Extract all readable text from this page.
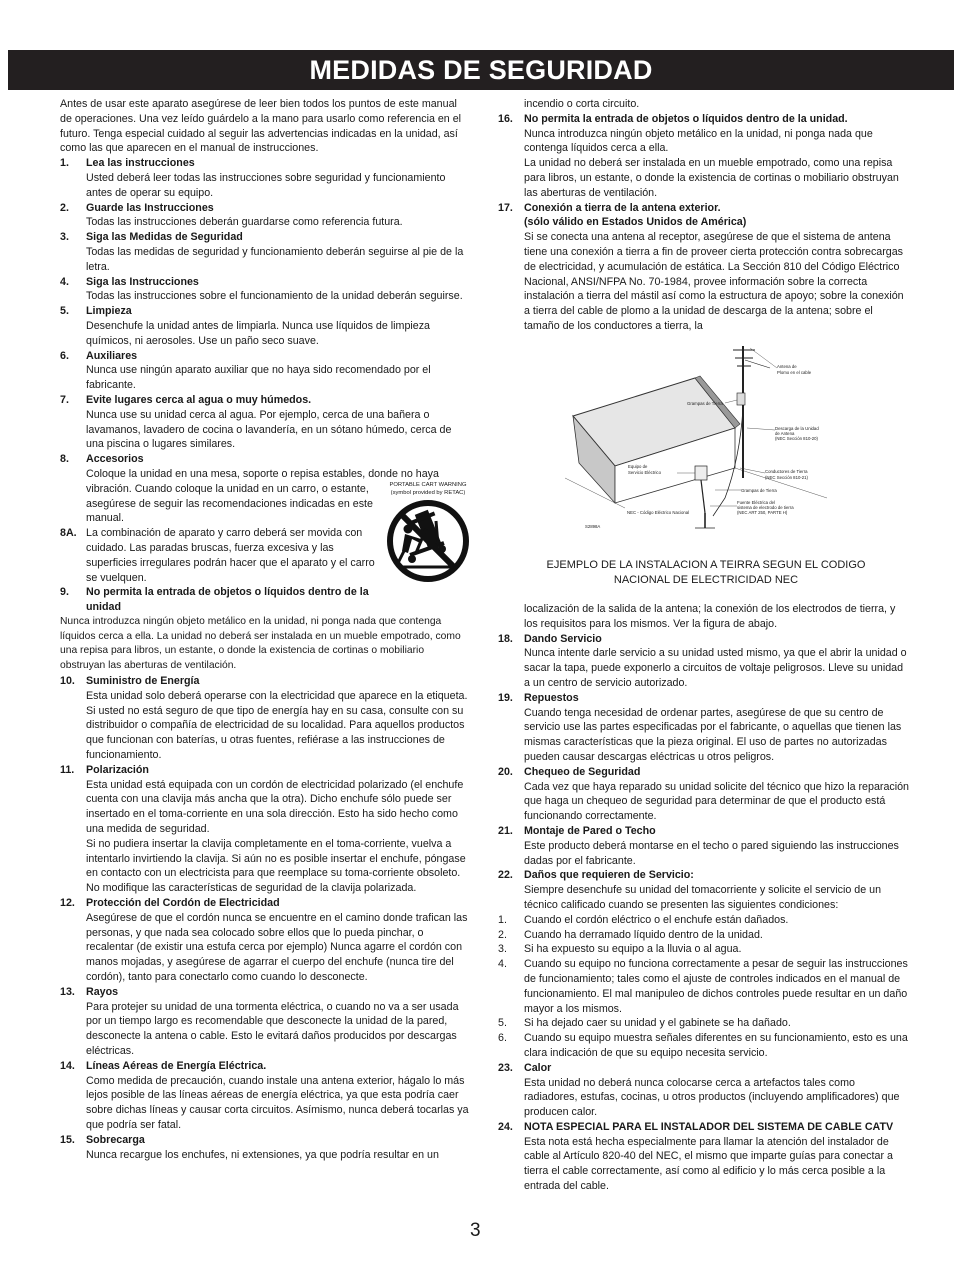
MEDIDAS DE SEGURIDAD

Antes de usar este aparato asegúrese de leer bien todos los puntos de este manual de operaciones. Una vez leído guárdelo a la mano para usarlo como referencia en el futuro. Tenga especial cuidado al seguir las advertencias indicadas en la unidad, así como las que aparecen en el manual de instrucciones.

1.	Lea las instrucciones
Usted deberá leer todas las instrucciones sobre seguridad y funcionamiento antes de operar su equipo.
2.	Guarde las Instrucciones
Todas las instrucciones deberán guardarse como referencia futura.
3.	Siga las Medidas de Seguridad
Todas las medidas de seguridad y funcionamiento deberán seguirse al pie de la letra.
4.	Siga las Instrucciones
Todas las instrucciones sobre el funcionamiento de la unidad deberán seguirse.
5.	Limpieza
Desenchufe la unidad antes de limpiarla. Nunca use líquidos de limpieza químicos, ni aerosoles. Use un paño seco suave.
6.	Auxiliares
Nunca use ningún aparato auxiliar que no haya sido recomendado por el fabricante.
7.	Evite lugares cerca al agua o muy húmedos.
Nunca use su unidad cerca al agua. Por ejemplo, cerca de una bañera o lavamanos, lavadero de cocina o lavandería, en un sótano húmedo, cerca de una piscina o lugares similares.
8.	Accesorios
Coloque la unidad en una mesa, soporte o repisa estables, donde no haya
vibración. Cuando coloque la unidad en un carro, o estante, asegúrese de seguir las recomendaciones indicadas en este manual.
8A. La combinación de aparato y carro deberá ser movida con cuidado. Las paradas bruscas, fuerza excesiva y las superficies irregulares podrán hacer que el aparato y el carro se vuelquen.
PORTABLE CART WARNING
(symbol provided by RETAC)
9.	No permita la entrada de objetos o líquidos dentro de la unidad

Nunca introduzca ningún objeto metálico en la unidad, ni ponga nada que contenga líquidos cerca a ella. La unidad no deberá ser instalada en un mueble empotrado, como una repisa para libros, un estante, o donde la existencia de cortinas o mobiliario obstruyan las aberturas de ventilación.

10.	Suministro de Energía
Esta unidad solo deberá operarse con la electricidad que aparece en la etiqueta. Si usted no está seguro de que tipo de energía hay en su casa, consulte con su distribuidor o compañía de electricidad de su localidad. Para aquellos productos que funcionan con baterías, u otras fuentes, refiérase a las instrucciones de funcionamiento.
11.	Polarización
Esta unidad está equipada con un cordón de electricidad polarizado (el enchufe cuenta con una clavija más ancha que la otra). Dicho enchufe sólo puede ser insertado en el toma-corriente en una sola dirección. Esto ha sido hecho como una medida de seguridad.
Si no pudiera insertar la clavija completamente en el toma-corriente, vuelva a intentarlo invirtiendo la clavija. Si aún no es posible insertar el enchufe, póngase en contacto con un electricista para que reemplace su toma-corriente obsoleto. No modifique las características de seguridad de la clavija polarizada.
12.	Protección del Cordón de Electricidad
Asegúrese de que el cordón nunca se encuentre en el camino donde trafican las personas, y que nada sea colocado sobre ellos que lo pueda pinchar, o recalentar (de existir una estufa cerca por ejemplo) Nunca agarre el cordón con manos mojadas, y asegúrese de agarrar el cuerpo del enchufe (nunca tire del cordón), tanto para conectarlo como cuando lo desconecte.
13.	Rayos
Para protejer su unidad de una tormenta eléctrica, o cuando no va a ser usada por un tiempo largo es recomendable que desconecte la unidad de la pared, desconecte la antena o cable. Esto le evitará daños producidos por descargas eléctricas.
14.	Líneas Aéreas de Energía Eléctrica.
Como medida de precaución, cuando instale una antena exterior, hágalo lo más lejos posible de las líneas aéreas de energía eléctrica, ya que esta podría caer sobre dichas líneas y causar corta circuitos. Asímismo, nunca deberá tocarlas ya que podría ser fatal.
15.	Sobrecarga
Nunca recargue los enchufes, ni extensiones, ya que podría resultar en un

incendio o corta circuito.

16.	No permita la entrada de objetos o líquidos dentro de la unidad.
Nunca introduzca ningún objeto metálico en la unidad, ni ponga nada que contenga líquidos cerca a ella.
La unidad no deberá ser instalada en un mueble empotrado, como una repisa para libros, un estante, o donde la existencia de cortinas o mobiliario obstruyan las aberturas de ventilación.
17.	Conexión a tierra de la antena exterior.
(sólo válido en Estados Unidos de América)
Si se conecta una antena al receptor, asegúrese de que el sistema de antena tiene una conexión a tierra a fin de proveer cierta protección contra sobrecargas de electricidad, y acumulación de estática. La Sección 810 del Código Eléctrico Nacional, ANSI/NFPA No. 70-1984, provee información sobre la correcta instalación a tierra del mástil así como la estructura de apoyo; sobre la conexión a tierra del cable de plomo a la unidad de descarga de la antena; sobre el tamaño de los conductores a tierra, la
Antena de
Plomo en el cable
Grampas de Tierra
Descarga de la Unidad
de Antena
(NEC Sección 810-20)
Equipo de
Servicio Eléctrico	Conductores de Tierra
(NEC Sección 810-21)
Grampas de Tierra
Fuente Eléctrica del
sistema de electrodo de tierra
(NEC ART 250, PARTE H)
NEC - Código Eléctrico Nacional
S2898A
EJEMPLO DE LA INSTALACION A TEIRRA SEGUN EL CODIGO
NACIONAL DE ELECTRICIDAD NEC

localización de la salida de la antena; la conexión de los electrodos de tierra, y los requisitos para los mismos. Ver la figura de abajo.

18.	Dando Servicio
Nunca intente darle servicio a su unidad usted mismo, ya que el abrir la unidad o sacar la tapa, puede exponerlo a circuitos de voltaje peligrosos. Lleve su unidad a un centro de servicio autorizado.
19.	Repuestos
Cuando tenga necesidad de ordenar partes, asegúrese de que su centro de servicio use las partes especificadas por el fabricante, o aquellas que tienen las mismas características que la pieza original. El uso de partes no autorizadas pueden causar descargas eléctricas u otros peligros.
20.	Chequeo de Seguridad
Cada vez que haya reparado su unidad solicite del técnico que hizo la reparación que haga un chequeo de seguridad para determinar de que el producto está funcionando correctamente.
21.	Montaje de Pared o Techo
Este producto deberá montarse en el techo o pared siguiendo las instrucciones dadas por el fabricante.
22.	Daños que requieren de Servicio:
Siempre desenchufe su unidad del tomacorriente y solicite el servicio de un técnico calificado cuando se presenten las siguientes condiciones:
1.	Cuando el cordón eléctrico o el enchufe están dañados.
2.	Cuando ha derramado líquido dentro de la unidad.
3.	Si ha expuesto su equipo a la lluvia o al agua.
4.	Cuando su equipo no funciona correctamente a pesar de seguir las instrucciones de funcionamiento; tales como el ajuste de controles indicados en el manual de funcionamiento. El mal manipuleo de dichos controles puede resultar en un daño mayor a los mismos.
5.	Si ha dejado caer su unidad y el gabinete se ha dañado.
6.	Cuando su equipo muestra señales diferentes en su funcionamiento, esto es una clara indicación de que su equipo necesita servicio.
23.	Calor
Esta unidad no deberá nunca colocarse cerca a artefactos tales como radiadores, estufas, cocinas, u otros productos (incluyendo amplificadores) que producen calor.
24.	NOTA ESPECIAL PARA EL INSTALADOR DEL SISTEMA DE CABLE CATV
Esta nota está hecha especialmente para llamar la atención del instalador de cable al Artículo 820-40 del NEC, el mismo que imparte guías para conectar a tierra el cable correctamente, así como al edificio y lo más cerca posible a la entrada del cable.
3
